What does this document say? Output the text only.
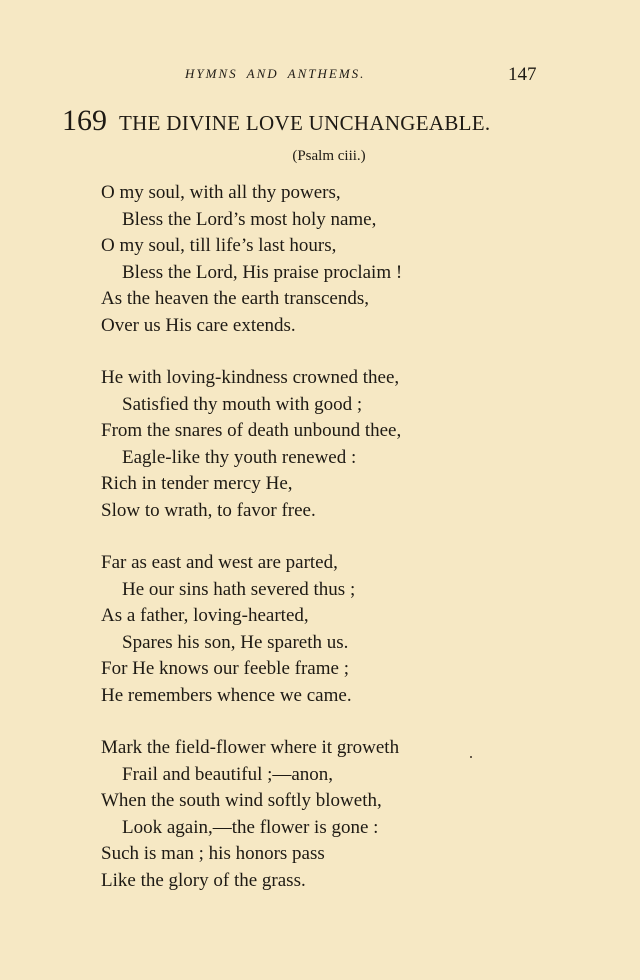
HYMNS AND ANTHEMS.	147
169 THE DIVINE LOVE UNCHANGEABLE.
(Psalm ciii.)
O my soul, with all thy powers,
Bless the Lord’s most holy name,
O my soul, till life’s last hours,
Bless the Lord, His praise proclaim !
As the heaven the earth transcends,
Over us His care extends.
He with loving-kindness crowned thee,
Satisfied thy mouth with good ;
From the snares of death unbound thee,
Eagle-like thy youth renewed :
Rich in tender mercy He,
Slow to wrath, to favor free.
Far as east and west are parted,
He our sins hath severed thus ;
As a father, loving-hearted,
Spares his son, He spareth us.
For He knows our feeble frame ;
He remembers whence we came.
Mark the field-flower where it groweth
Frail and beautiful ;—anon,
When the south wind softly bloweth,
Look again,—the flower is gone :
Such is man ; his honors pass
Like the glory of the grass.
